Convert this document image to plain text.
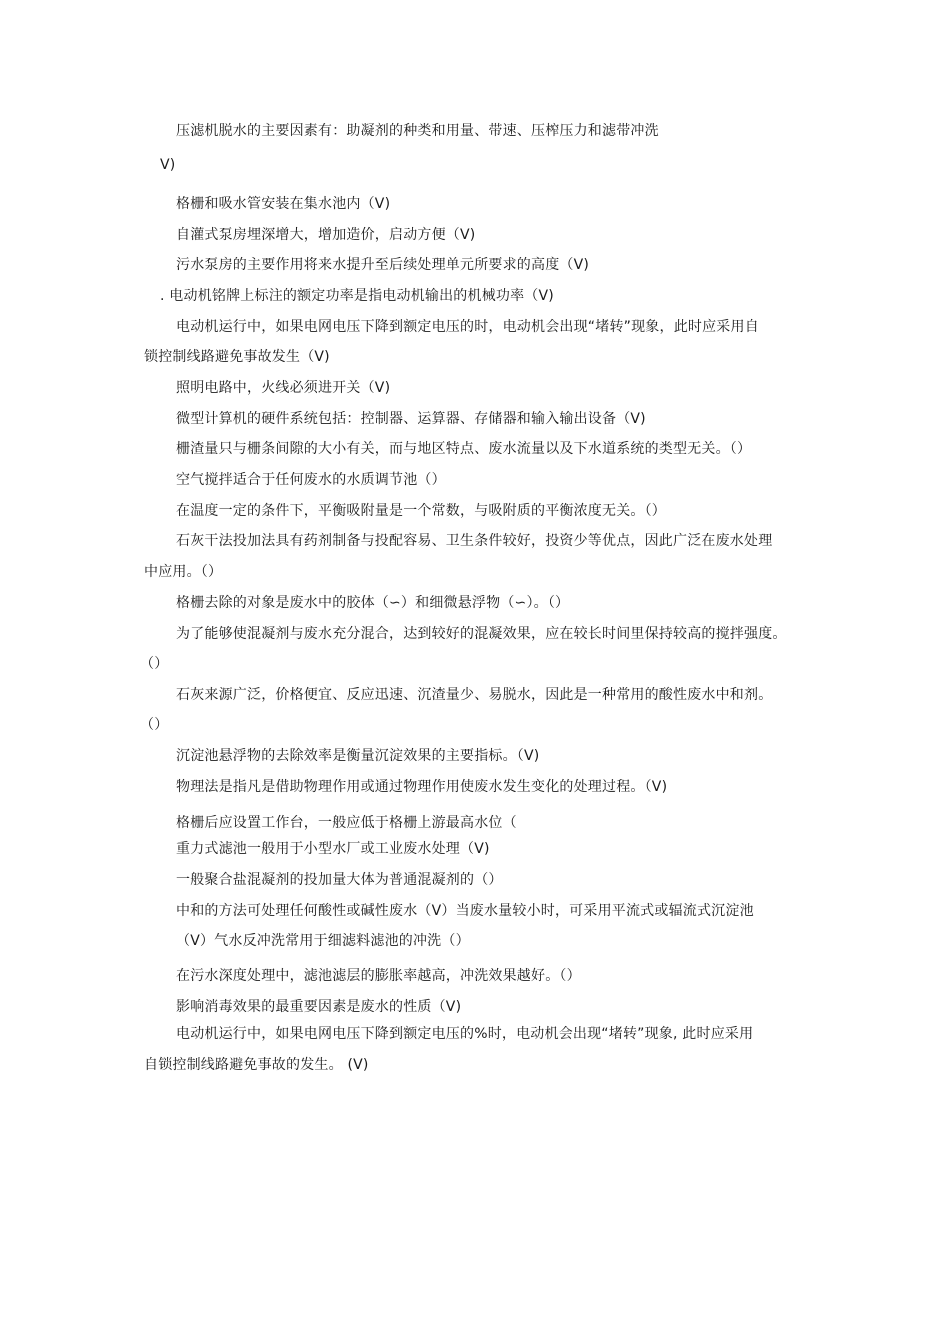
压滤机脱水的主要因素有：助凝剂的种类和用量、带速、压榨压力和滤带冲洗
V)
格栅和吸水管安装在集水池内（V)
自灌式泵房埋深增大，增加造价，启动方便（V)
污水泵房的主要作用将来水提升至后续处理单元所要求的高度（V)
. 电动机铭牌上标注的额定功率是指电动机输出的机械功率（V)
电动机运行中，如果电网电压下降到额定电压的时，电动机会出现“堵转”现象，此时应采用自
锁控制线路避免事故发生（V)
照明电路中，火线必须进开关（V)
微型计算机的硬件系统包括：控制器、运算器、存储器和输入输出设备（V)
栅渣量只与栅条间隙的大小有关，而与地区特点、废水流量以及下水道系统的类型无关。（）
空气搅拌适合于任何废水的水质调节池（）
在温度一定的条件下，平衡吸附量是一个常数，与吸附质的平衡浓度无关。（）
石灰干法投加法具有药剂制备与投配容易、卫生条件较好，投资少等优点，因此广泛在废水处理
中应用。（）
格栅去除的对象是废水中的胶体（∽）和细微悬浮物（∽）。（）
为了能够使混凝剂与废水充分混合，达到较好的混凝效果，应在较长时间里保持较高的搅拌强度。
（）
石灰来源广泛，价格便宜、反应迅速、沉渣量少、易脱水，因此是一种常用的酸性废水中和剂。
（）
沉淀池悬浮物的去除效率是衡量沉淀效果的主要指标。（V)
物理法是指凡是借助物理作用或通过物理作用使废水发生变化的处理过程。（V)
格栅后应设置工作台，一般应低于格栅上游最高水位（
重力式滤池一般用于小型水厂或工业废水处理（V)
一般聚合盐混凝剂的投加量大体为普通混凝剂的（）
中和的方法可处理任何酸性或碱性废水（V）当废水量较小时，可采用平流式或辐流式沉淀池
（V）气水反冲洗常用于细滤料滤池的冲洗（）
在污水深度处理中，滤池滤层的膨胀率越高，冲洗效果越好。（）
影响消毒效果的最重要因素是废水的性质（V)
电动机运行中，如果电网电压下降到额定电压的%时，电动机会出现“堵转”现象, 此时应采用
自锁控制线路避免事故的发生。 (V)
